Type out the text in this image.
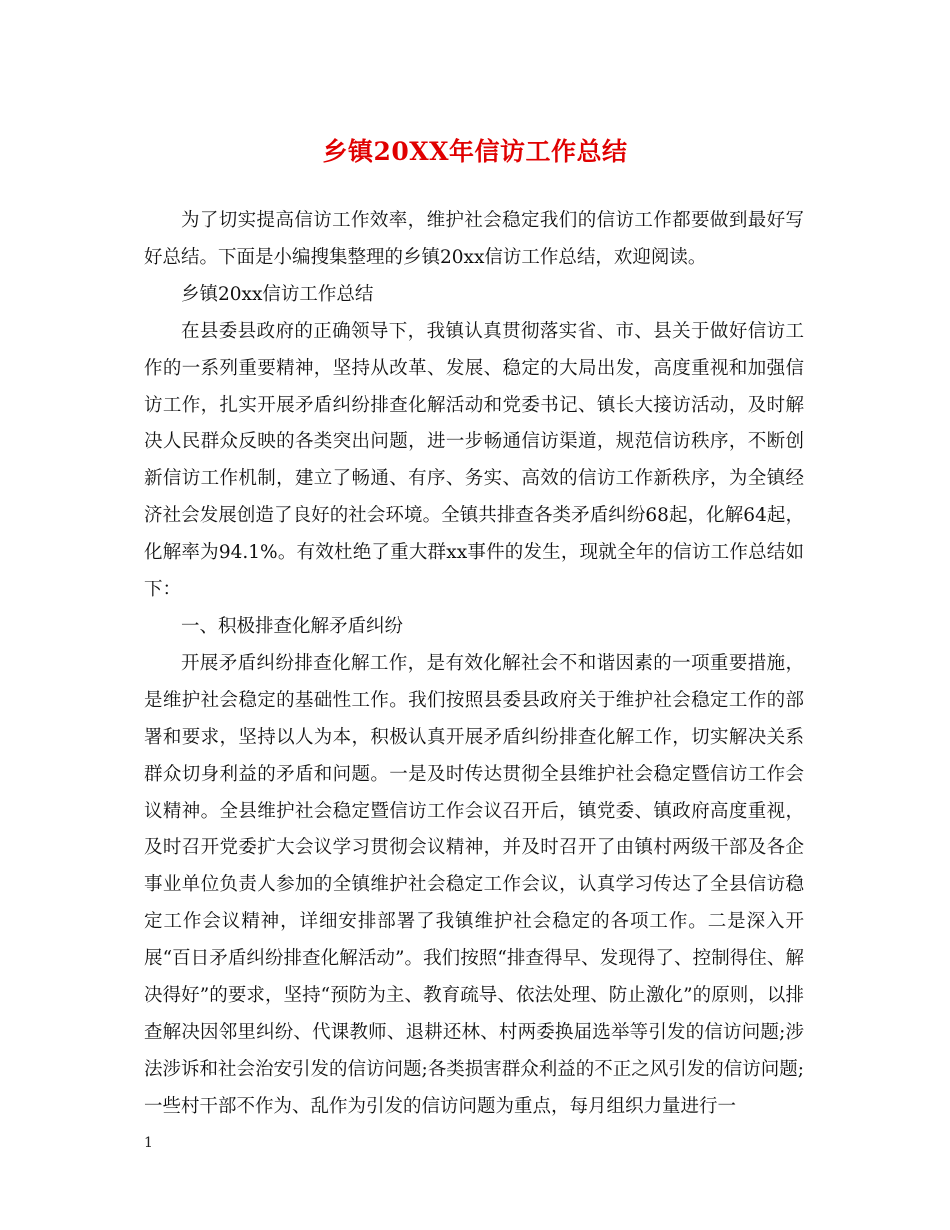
乡镇20XX年信访工作总结

为了切实提高信访工作效率，维护社会稳定我们的信访工作都要做到最好写好总结。下面是小编搜集整理的乡镇20xx信访工作总结，欢迎阅读。

乡镇20xx信访工作总结

在县委县政府的正确领导下，我镇认真贯彻落实省、市、县关于做好信访工作的一系列重要精神，坚持从改革、发展、稳定的大局出发，高度重视和加强信访工作，扎实开展矛盾纠纷排查化解活动和党委书记、镇长大接访活动，及时解决人民群众反映的各类突出问题，进一步畅通信访渠道，规范信访秩序，不断创新信访工作机制，建立了畅通、有序、务实、高效的信访工作新秩序，为全镇经济社会发展创造了良好的社会环境。全镇共排查各类矛盾纠纷68起，化解64起，化解率为94.1%。有效杜绝了重大群xx事件的发生，现就全年的信访工作总结如下：

一、积极排查化解矛盾纠纷

开展矛盾纠纷排查化解工作，是有效化解社会不和谐因素的一项重要措施，是维护社会稳定的基础性工作。我们按照县委县政府关于维护社会稳定工作的部署和要求，坚持以人为本，积极认真开展矛盾纠纷排查化解工作，切实解决关系群众切身利益的矛盾和问题。一是及时传达贯彻全县维护社会稳定暨信访工作会议精神。全县维护社会稳定暨信访工作会议召开后，镇党委、镇政府高度重视，及时召开党委扩大会议学习贯彻会议精神，并及时召开了由镇村两级干部及各企事业单位负责人参加的全镇维护社会稳定工作会议，认真学习传达了全县信访稳定工作会议精神，详细安排部署了我镇维护社会稳定的各项工作。二是深入开展“百日矛盾纠纷排查化解活动”。我们按照“排查得早、发现得了、控制得住、解决得好”的要求，坚持“预防为主、教育疏导、依法处理、防止激化”的原则，以排查解决因邻里纠纷、代课教师、退耕还林、村两委换届选举等引发的信访问题;涉法涉诉和社会治安引发的信访问题;各类损害群众利益的不正之风引发的信访问题;一些村干部不作为、乱作为引发的信访问题为重点，每月组织力量进行一

1
